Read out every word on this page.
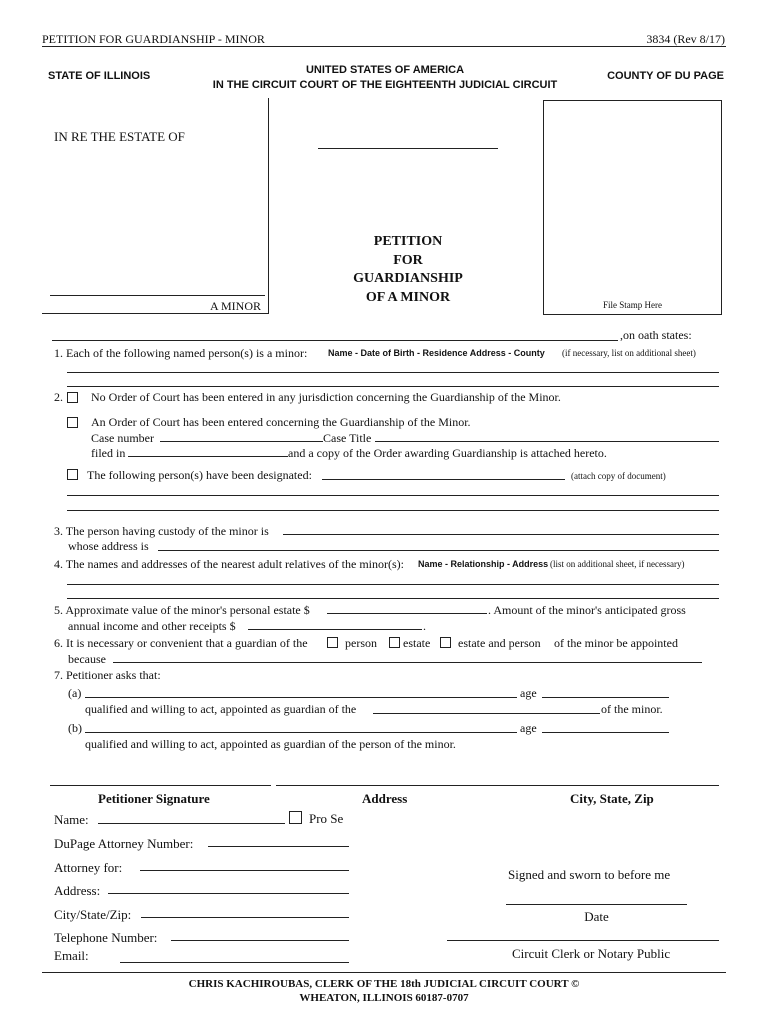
PETITION FOR GUARDIANSHIP - MINOR	3834 (Rev 8/17)
STATE OF ILLINOIS	UNITED STATES OF AMERICA
IN THE CIRCUIT COURT OF THE EIGHTEENTH JUDICIAL CIRCUIT
COUNTY OF DU PAGE
IN RE THE ESTATE OF
A MINOR
PETITION
FOR
GUARDIANSHIP
OF A MINOR
File Stamp Here
,on oath states:
1. Each of the following named person(s) is a minor: Name - Date of Birth - Residence Address - County (if necessary, list on additional sheet)
2. No Order of Court has been entered in any jurisdiction concerning the Guardianship of the Minor.
An Order of Court has been entered concerning the Guardianship of the Minor.
Case number	Case Title
filed in	and a copy of the Order awarding Guardianship is attached hereto.
The following person(s) have been designated:	(attach copy of document)
3. The person having custody of the minor is
whose address is
4. The names and addresses of the nearest adult relatives of the minor(s): Name - Relationship - Address (list on additional sheet, if necessary)
5. Approximate value of the minor's personal estate $	. Amount of the minor's anticipated gross
annual income and other receipts $	.
6. It is necessary or convenient that a guardian of the	person estate estate and person of the minor be appointed
because
7. Petitioner asks that:
(a)	age
qualified and willing to act, appointed as guardian of the	of the minor.
(b)	age
qualified and willing to act, appointed as guardian of the person of the minor.
Petitioner Signature	Address	City, State, Zip
Name:	Pro Se
DuPage Attorney Number:
Attorney for:
Address:
City/State/Zip:
Telephone Number:
Email:
Signed and sworn to before me
Date
Circuit Clerk or Notary Public
CHRIS KACHIROUBAS, CLERK OF THE 18th JUDICIAL CIRCUIT COURT ©
WHEATON, ILLINOIS 60187-0707
